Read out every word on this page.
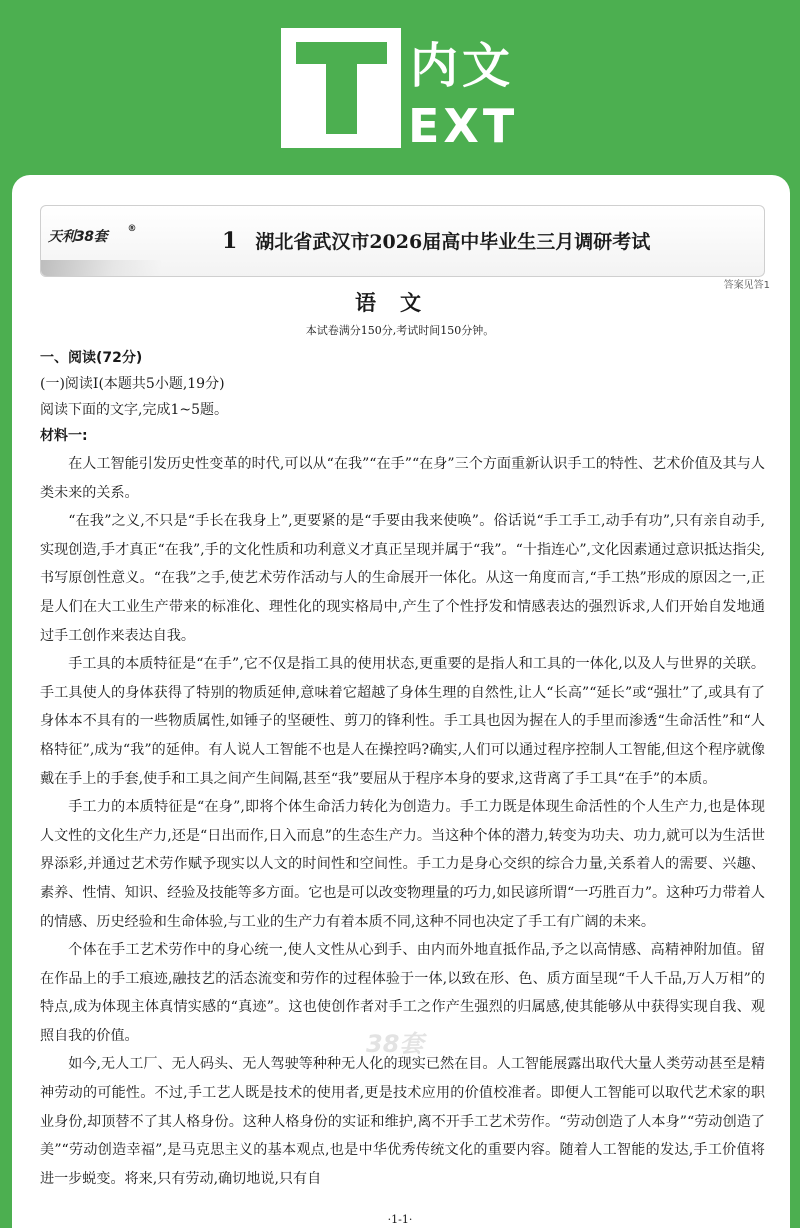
内文
EXT
天利38套 ®	1 湖北省武汉市2026届高中毕业生三月调研考试
答案见答1
语文
本试卷满分150分,考试时间150分钟。
一、阅读(72分)
(一)阅读Ⅰ(本题共5小题,19分)
阅读下面的文字,完成1~5题。
材料一:

在人工智能引发历史性变革的时代,可以从“在我”“在手”“在身”三个方面重新认识手工的特性、艺术价值及其与人类未来的关系。

“在我”之义,不只是“手长在我身上”,更要紧的是“手要由我来使唤”。俗话说“手工手工,动手有功”,只有亲自动手,实现创造,手才真正“在我”,手的文化性质和功利意义才真正呈现并属于“我”。“十指连心”,文化因素通过意识抵达指尖,书写原创性意义。“在我”之手,使艺术劳作活动与人的生命展开一体化。从这一角度而言,“手工热”形成的原因之一,正是人们在大工业生产带来的标准化、理性化的现实格局中,产生了个性抒发和情感表达的强烈诉求,人们开始自发地通过手工创作来表达自我。

手工具的本质特征是“在手”,它不仅是指工具的使用状态,更重要的是指人和工具的一体化,以及人与世界的关联。手工具使人的身体获得了特别的物质延伸,意味着它超越了身体生理的自然性,让人“长高”“延长”或“强壮”了,或具有了身体本不具有的一些物质属性,如锤子的坚硬性、剪刀的锋利性。手工具也因为握在人的手里而渗透“生命活性”和“人格特征”,成为“我”的延伸。有人说人工智能不也是人在操控吗?确实,人们可以通过程序控制人工智能,但这个程序就像戴在手上的手套,使手和工具之间产生间隔,甚至“我”要屈从于程序本身的要求,这背离了手工具“在手”的本质。

手工力的本质特征是“在身”,即将个体生命活力转化为创造力。手工力既是体现生命活性的个人生产力,也是体现人文性的文化生产力,还是“日出而作,日入而息”的生态生产力。当这种个体的潜力,转变为功夫、功力,就可以为生活世界添彩,并通过艺术劳作赋予现实以人文的时间性和空间性。手工力是身心交织的综合力量,关系着人的需要、兴趣、素养、性情、知识、经验及技能等多方面。它也是可以改变物理量的巧力,如民谚所谓“一巧胜百力”。这种巧力带着人的情感、历史经验和生命体验,与工业的生产力有着本质不同,这种不同也决定了手工有广阔的未来。

个体在手工艺术劳作中的身心统一,使人文性从心到手、由内而外地直抵作品,予之以高情感、高精神附加值。留在作品上的手工痕迹,融技艺的活态流变和劳作的过程体验于一体,以致在形、色、质方面呈现“千人千品,万人万相”的特点,成为体现主体真情实感的“真迹”。这也使创作者对手工之作产生强烈的归属感,使其能够从中获得实现自我、观照自我的价值。

如今,无人工厂、无人码头、无人驾驶等种种无人化的现实已然在目。人工智能展露出取代大量人类劳动甚至是精神劳动的可能性。不过,手工艺人既是技术的使用者,更是技术应用的价值校准者。即便人工智能可以取代艺术家的职业身份,却顶替不了其人格身份。这种人格身份的实证和维护,离不开手工艺术劳作。“劳动创造了人本身”“劳动创造了美”“劳动创造幸福”,是马克思主义的基本观点,也是中华优秀传统文化的重要内容。随着人工智能的发达,手工价值将进一步蜕变。将来,只有劳动,确切地说,只有自

38套
·1-1·
